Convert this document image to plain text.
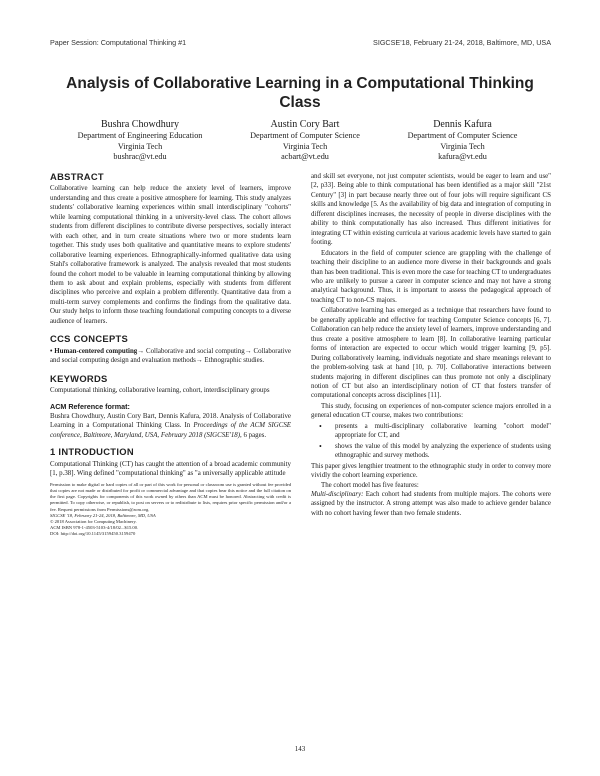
Paper Session: Computational Thinking #1	SIGCSE'18, February 21-24, 2018, Baltimore, MD, USA
Analysis of Collaborative Learning in a Computational Thinking Class
Bushra Chowdhury
Department of Engineering Education
Virginia Tech
bushrac@vt.edu
Austin Cory Bart
Department of Computer Science
Virginia Tech
acbart@vt.edu
Dennis Kafura
Department of Computer Science
Virginia Tech
kafura@vt.edu
ABSTRACT

Collaborative learning can help reduce the anxiety level of learners, improve understanding and thus create a positive atmosphere for learning. This study analyzes students' collaborative learning experiences within small interdisciplinary "cohorts" while learning computational thinking in a university-level class. The cohort allows students from different disciplines to contribute diverse perspectives, socially interact with each other, and in turn create situations where two or more students learn together. This study uses both qualitative and quantitative means to explore students' collaborative learning experiences. Ethnographically-informed qualitative data using Stahl's collaborative framework is analyzed. The analysis revealed that most students found the cohort model to be valuable in learning computational thinking by allowing them to ask about and explain problems, especially with students from different disciplines who perceive and explain a problem differently. Quantitative data from a multi-term survey complements and confirms the findings from the qualitative data. Our study helps to inform those teaching foundational computing concepts to a diverse audience of learners.

CCS CONCEPTS

• Human-centered computing→ Collaborative and social computing→ Collaborative and social computing design and evaluation methods→ Ethnographic studies.

KEYWORDS

Computational thinking, collaborative learning, cohort, interdisciplinary groups

ACM Reference format:

Bushra Chowdhury, Austin Cory Bart, Dennis Kafura, 2018. Analysis of Collaborative Learning in a Computational Thinking Class. In Proceedings of the ACM SIGCSE conference, Baltimore, Maryland, USA, February 2018 (SIGCSE'18), 6 pages.

1 INTRODUCTION

Computational Thinking (CT) has caught the attention of a broad academic community [1, p.38]. Wing defined "computational thinking" as "a universally applicable attitude

Permission to make digital or hard copies of all or part of this work for personal or classroom use is granted without fee provided that copies are not made or distributed for profit or commercial advantage and that copies bear this notice and the full citation on the first page. Copyrights for components of this work owned by others than ACM must be honored. Abstracting with credit is permitted. To copy otherwise, or republish, to post on servers or to redistribute to lists, requires prior specific permission and/or a fee. Request permissions from Permissions@acm.org.

SIGCSE '18, February 21-24, 2018, Baltimore, MD, USA

© 2018 Association for Computing Machinery.

ACM ISBN 978-1-4503-5103-4/18/02...$15.00.

DOI: http://doi.org/10.1145/3159450.3159470

and skill set everyone, not just computer scientists, would be eager to learn and use" [2, p33]. Being able to think computational has been identified as a major skill "21st Century" [3] in part because nearly three out of four jobs will require significant CS skills and knowledge [5. As the availability of big data and integration of computing in different disciplines increases, the necessity of people in diverse disciplines with the ability to think computationally has also increased. Thus different initiatives for integrating CT within existing curricula at various academic levels have started to gain footing.

Educators in the field of computer science are grappling with the challenge of teaching their discipline to an audience more diverse in their backgrounds and goals than has been traditional. This is even more the case for teaching CT to undergraduates who are unlikely to pursue a career in computer science and may not have a strong analytical background. Thus, it is important to assess the pedagogical approach of teaching CT to non-CS majors.

Collaborative learning has emerged as a technique that researchers have found to be generally applicable and effective for teaching Computer Science concepts [6, 7]. Collaboration can help reduce the anxiety level of learners, improve understanding and thus create a positive atmosphere to learn [8]. In collaborative learning particular forms of interaction are expected to occur which would trigger learning [9, p5]. During collaboratively learning, individuals negotiate and share meanings relevant to the problem-solving task at hand [10, p. 70]. Collaborative interactions between students majoring in different disciplines can thus promote not only a disciplinary notion of CT but also an interdisciplinary notion of CT that fosters transfer of computational concepts across disciplines [11].

This study, focusing on experiences of non-computer science majors enrolled in a general education CT course, makes two contributions:

•	presents a multi-disciplinary collaborative learning "cohort model" appropriate for CT, and
•	shows the value of this model by analyzing the experience of students using ethnographic and survey methods.

This paper gives lengthier treatment to the ethnographic study in order to convey more vividly the cohort learning experience.

The cohort model has five features:

Multi-disciplinary: Each cohort had students from multiple majors. The cohorts were assigned by the instructor. A strong attempt was also made to achieve gender balance with no cohort having fewer than two female students.

143
